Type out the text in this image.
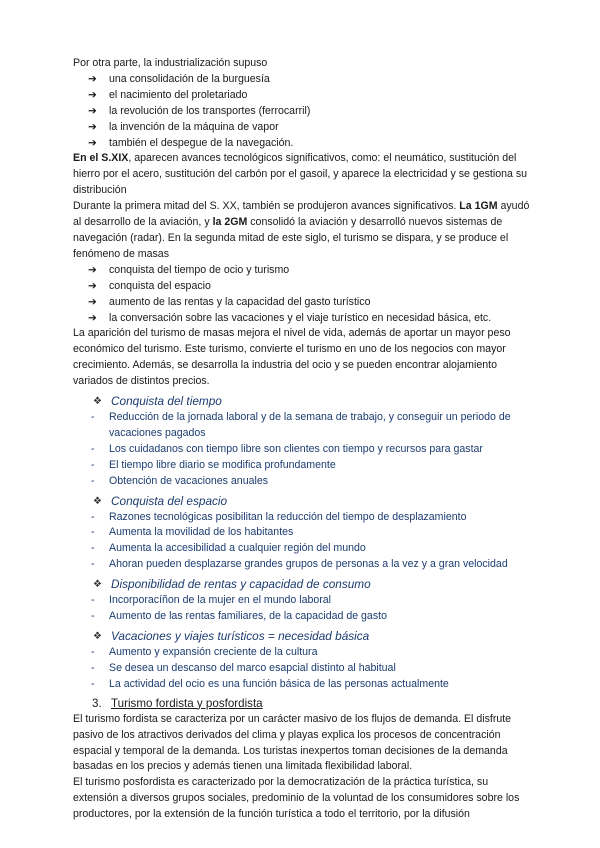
Por otra parte, la industrialización supuso

➔ una consolidación de la burguesía
➔ el nacimiento del proletariado
➔ la revolución de los transportes (ferrocarril)
➔ la invención de la máquina de vapor
➔ también el despegue de la navegación.

En el S.XIX, aparecen avances tecnológicos significativos, como: el neumático, sustitución del hierro por el acero, sustitución del carbón por el gasoil, y aparece la electricidad y se gestiona su distribución

Durante la primera mitad del S. XX, también se produjeron avances significativos. La 1GM ayudó al desarrollo de la aviación, y la 2GM consolidó la aviación y desarrolló nuevos sistemas de navegación (radar). En la segunda mitad de este siglo, el turismo se dispara, y se produce el fenómeno de masas

➔ conquista del tiempo de ocio y turismo
➔ conquista del espacio
➔ aumento de las rentas y la capacidad del gasto turístico
➔ la conversación sobre las vacaciones y el viaje turístico en necesidad básica, etc.

La aparición del turismo de masas mejora el nivel de vida, además de aportar un mayor peso económico del turismo. Este turismo, convierte el turismo en uno de los negocios con mayor crecimiento. Además, se desarrolla la industria del ocio y se pueden encontrar alojamiento variados de distintos precios.

❖ Conquista del tiempo
- Reducción de la jornada laboral y de la semana de trabajo, y conseguir un periodo de vacaciones pagados
- Los cuidadanos con tiempo libre son clientes con tiempo y recursos para gastar
- El tiempo libre diario se modifica profundamente
- Obtención de vacaciones anuales
❖ Conquista del espacio
- Razones tecnológicas posibilitan la reducción del tiempo de desplazamiento
- Aumenta la movilidad de los habitantes
- Aumenta la accesibilidad a cualquier región del mundo
- Ahoran pueden desplazarse grandes grupos de personas a la vez y a gran velocidad
❖ Disponibilidad de rentas y capacidad de consumo
- Incorporacíñon de la mujer en el mundo laboral
- Aumento de las rentas familiares, de la capacidad de gasto
❖ Vacaciones y viajes turísticos = necesidad básica
- Aumento y expansión creciente de la cultura
- Se desea un descanso del marco esapcial distinto al habitual
- La actividad del ocio es una función básica de las personas actualmente
3. Turismo fordista y posfordista

El turismo fordista se caracteriza por un carácter masivo de los flujos de demanda. El disfrute pasivo de los atractivos derivados del clima y playas explica los procesos de concentración espacial y temporal de la demanda. Los turistas inexpertos toman decisiones de la demanda basadas en los precios y además tienen una limitada flexibilidad laboral.

El turismo posfordista es caracterizado por la democratización de la práctica turística, su extensión a diversos grupos sociales, predominio de la voluntad de los consumidores sobre los productores, por la extensión de la función turística a todo el territorio, por la difusión
